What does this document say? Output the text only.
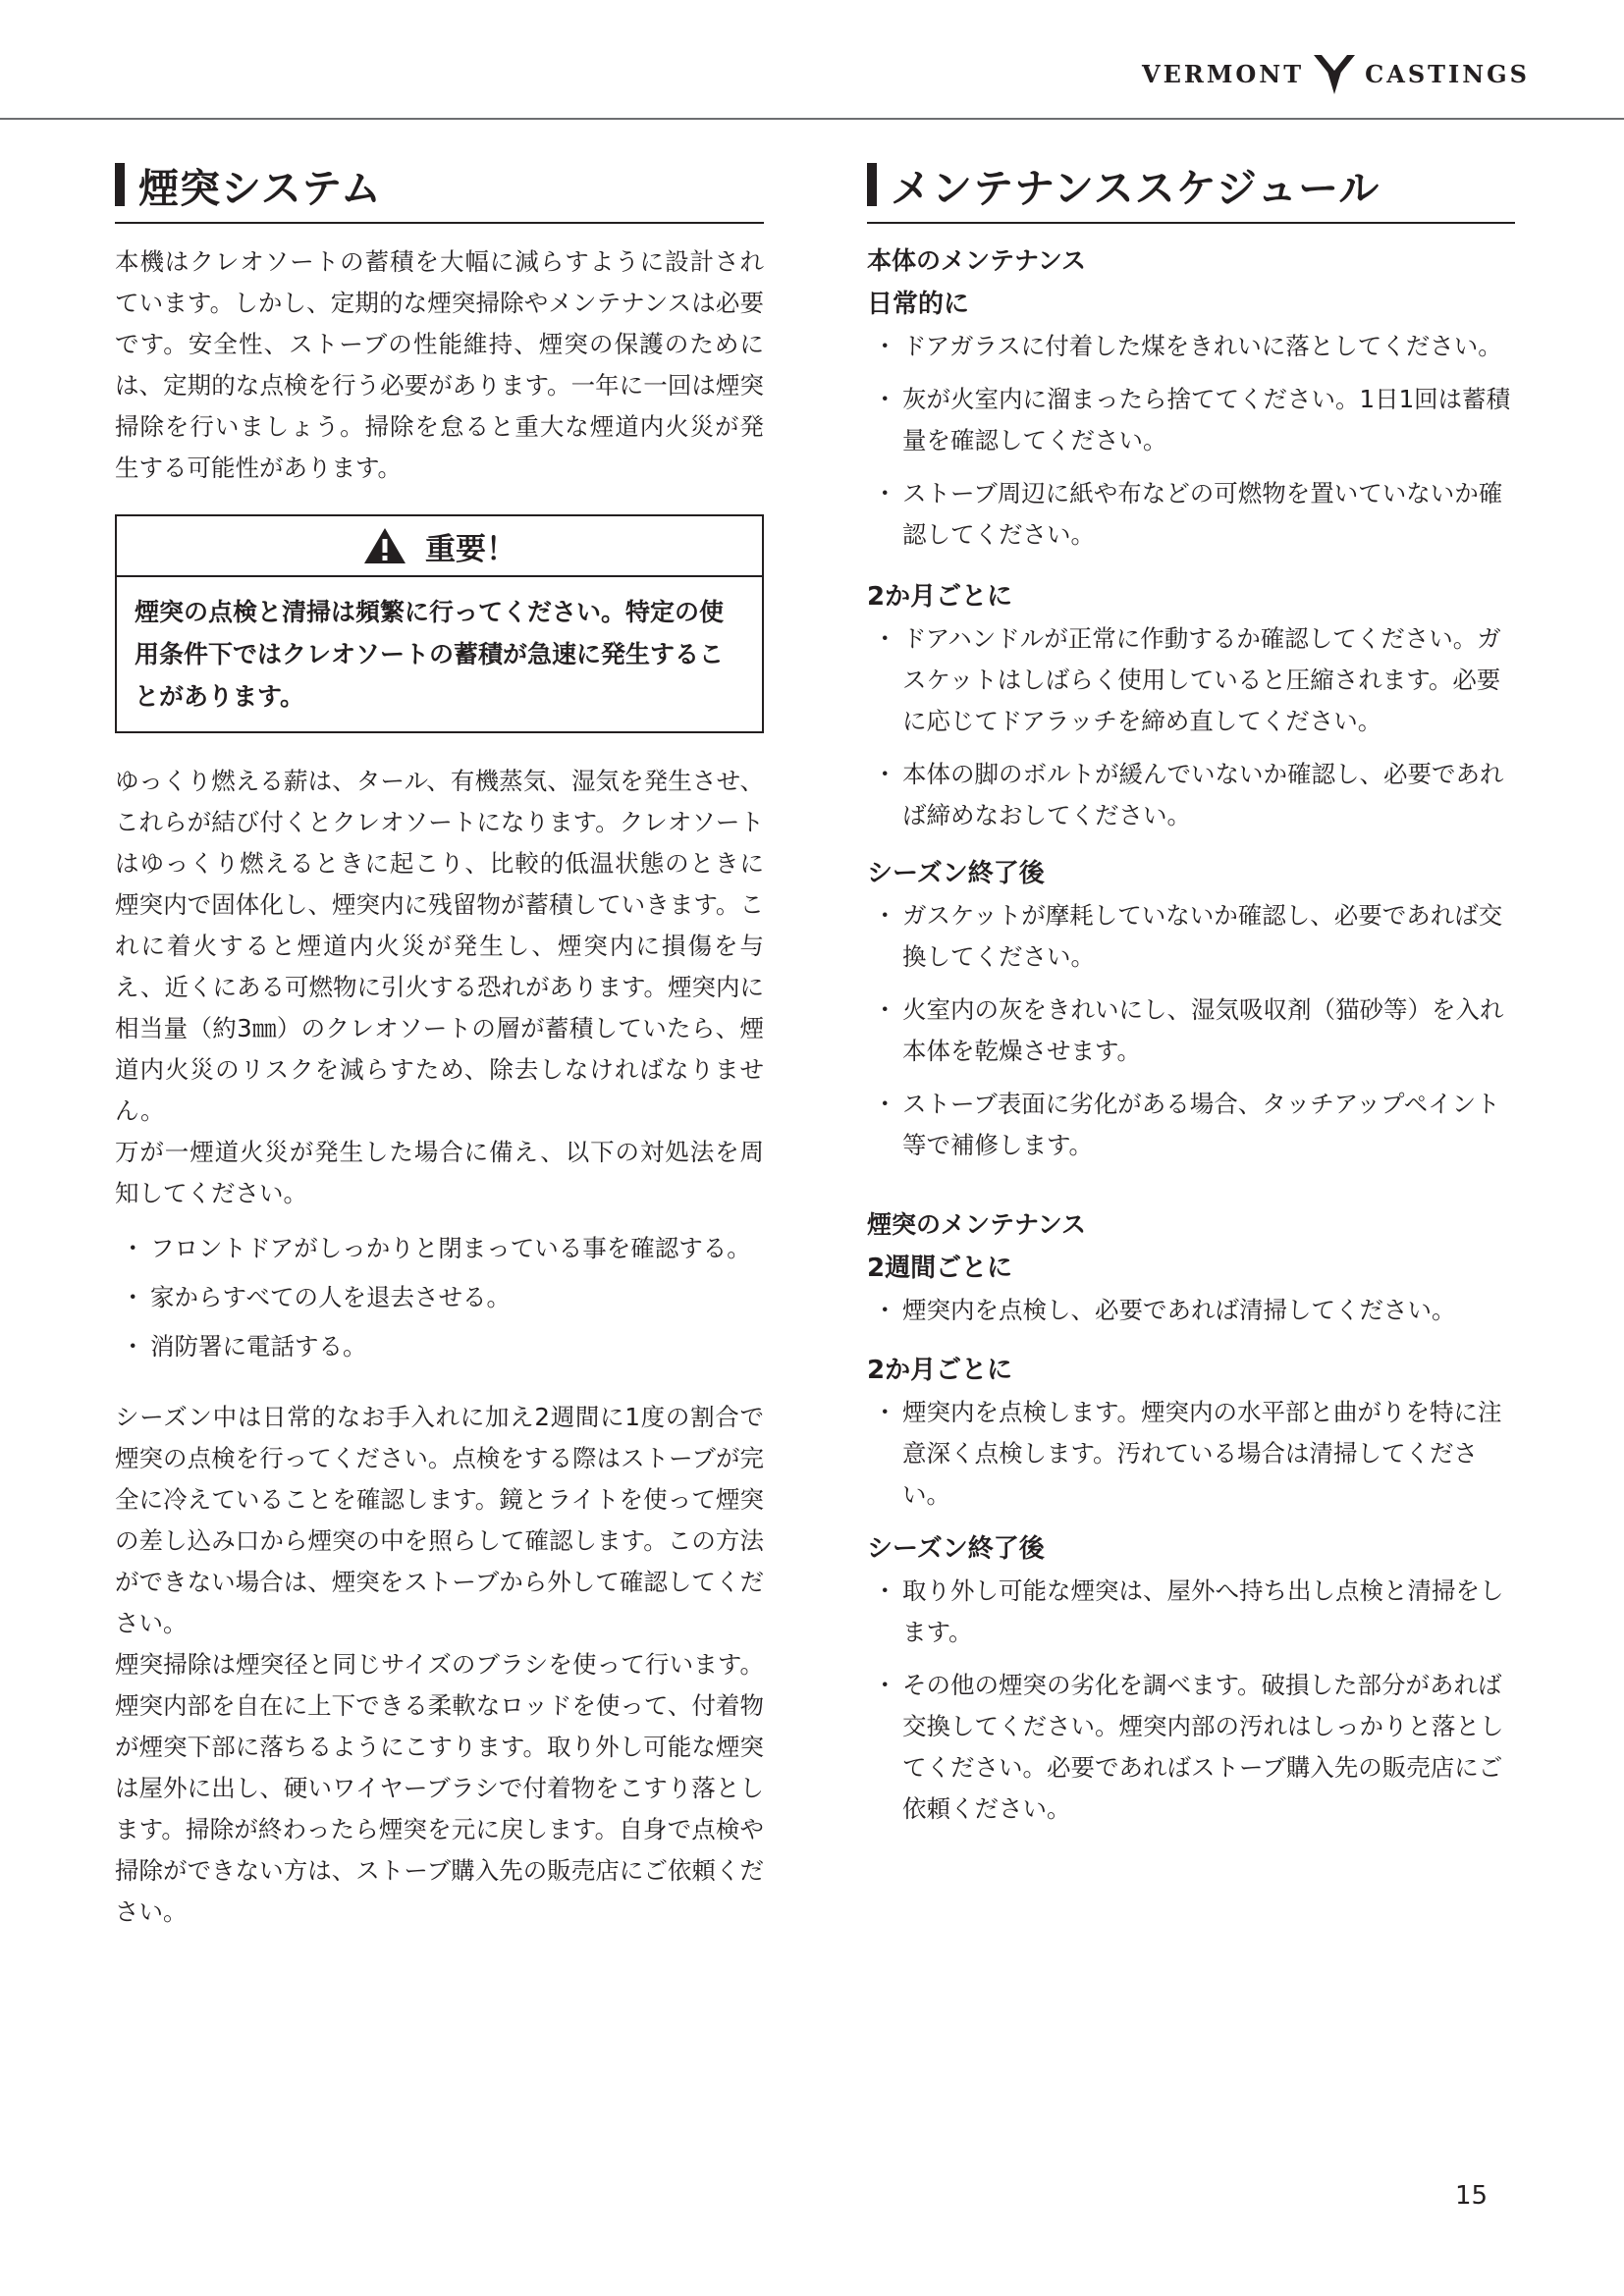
VERMONT	CASTINGS
煙突システム
本機はクレオソートの蓄積を大幅に減らすように設計されています。しかし、定期的な煙突掃除やメンテナンスは必要です。安全性、ストーブの性能維持、煙突の保護のためには、定期的な点検を行う必要があります。一年に一回は煙突掃除を行いましょう。掃除を怠ると重大な煙道内火災が発生する可能性があります。
重要！
煙突の点検と清掃は頻繁に行ってください。特定の使用条件下ではクレオソートの蓄積が急速に発生することがあります。
ゆっくり燃える薪は、タール、有機蒸気、湿気を発生させ、これらが結び付くとクレオソートになります。クレオソートはゆっくり燃えるときに起こり、比較的低温状態のときに煙突内で固体化し、煙突内に残留物が蓄積していきます。これに着火すると煙道内火災が発生し、煙突内に損傷を与え、近くにある可燃物に引火する恐れがあります。煙突内に相当量（約3㎜）のクレオソートの層が蓄積していたら、煙道内火災のリスクを減らすため、除去しなければなりません。
万が一煙道火災が発生した場合に備え、以下の対処法を周知してください。
・ フロントドアがしっかりと閉まっている事を確認する。
・ 家からすべての人を退去させる。
・ 消防署に電話する。
シーズン中は日常的なお手入れに加え2週間に1度の割合で煙突の点検を行ってください。点検をする際はストーブが完全に冷えていることを確認します。鏡とライトを使って煙突の差し込み口から煙突の中を照らして確認します。この方法ができない場合は、煙突をストーブから外して確認してください。
煙突掃除は煙突径と同じサイズのブラシを使って行います。煙突内部を自在に上下できる柔軟なロッドを使って、付着物が煙突下部に落ちるようにこすります。取り外し可能な煙突は屋外に出し、硬いワイヤーブラシで付着物をこすり落とします。掃除が終わったら煙突を元に戻します。自身で点検や掃除ができない方は、ストーブ購入先の販売店にご依頼ください。
メンテナンススケジュール
本体のメンテナンス
日常的に
・ ドアガラスに付着した煤をきれいに落としてください。
・ 灰が火室内に溜まったら捨ててください。1日1回は蓄積量を確認してください。
・ ストーブ周辺に紙や布などの可燃物を置いていないか確認してください。
2か月ごとに
・ ドアハンドルが正常に作動するか確認してください。ガスケットはしばらく使用していると圧縮されます。必要に応じてドアラッチを締め直してください。
・ 本体の脚のボルトが緩んでいないか確認し、必要であれば締めなおしてください。
シーズン終了後
・ ガスケットが摩耗していないか確認し、必要であれば交換してください。
・ 火室内の灰をきれいにし、湿気吸収剤（猫砂等）を入れ本体を乾燥させます。
・ ストーブ表面に劣化がある場合、タッチアップペイント等で補修します。
煙突のメンテナンス
2週間ごとに
・ 煙突内を点検し、必要であれば清掃してください。
2か月ごとに
・ 煙突内を点検します。煙突内の水平部と曲がりを特に注意深く点検します。汚れている場合は清掃してください。
シーズン終了後
・ 取り外し可能な煙突は、屋外へ持ち出し点検と清掃をします。
・ その他の煙突の劣化を調べます。破損した部分があれば交換してください。煙突内部の汚れはしっかりと落としてください。必要であればストーブ購入先の販売店にご依頼ください。
15
